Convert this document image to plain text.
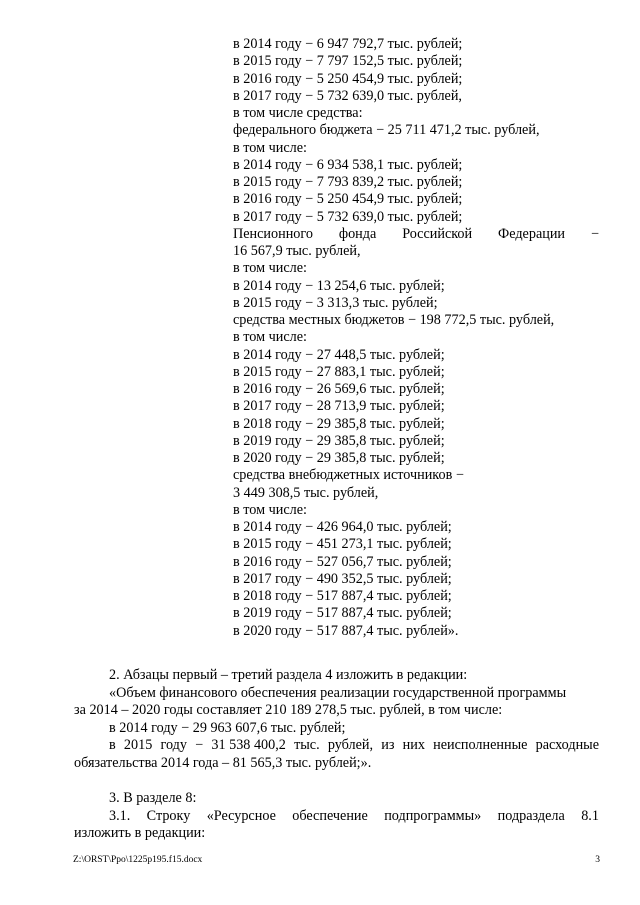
в 2014 году − 6 947 792,7 тыс. рублей;
в 2015 году − 7 797 152,5 тыс. рублей;
в 2016 году − 5 250 454,9 тыс. рублей;
в 2017 году − 5 732 639,0 тыс. рублей,
в том числе средства:
федерального бюджета − 25 711 471,2 тыс. рублей,
в том числе:
в 2014 году − 6 934 538,1 тыс. рублей;
в 2015 году − 7 793 839,2 тыс. рублей;
в 2016 году − 5 250 454,9 тыс. рублей;
в 2017 году − 5 732 639,0 тыс. рублей;
Пенсионного фонда Российской Федерации −
16 567,9 тыс. рублей,
в том числе:
в 2014 году − 13 254,6 тыс. рублей;
в 2015 году − 3 313,3 тыс. рублей;
средства местных бюджетов − 198 772,5 тыс. рублей,
в том числе:
в 2014 году − 27 448,5 тыс. рублей;
в 2015 году − 27 883,1 тыс. рублей;
в 2016 году − 26 569,6 тыс. рублей;
в 2017 году − 28 713,9 тыс. рублей;
в 2018 году − 29 385,8 тыс. рублей;
в 2019 году − 29 385,8 тыс. рублей;
в 2020 году − 29 385,8 тыс. рублей;
средства внебюджетных источников −
3 449 308,5 тыс. рублей,
в том числе:
в 2014 году − 426 964,0 тыс. рублей;
в 2015 году − 451 273,1 тыс. рублей;
в 2016 году − 527 056,7 тыс. рублей;
в 2017 году − 490 352,5 тыс. рублей;
в 2018 году − 517 887,4 тыс. рублей;
в 2019 году − 517 887,4 тыс. рублей;
в 2020 году − 517 887,4 тыс. рублей».
2. Абзацы первый – третий раздела 4 изложить в редакции:
«Объем финансового обеспечения реализации государственной программы
за 2014 – 2020 годы составляет 210 189 278,5 тыс. рублей, в том числе:
в 2014 году − 29 963 607,6 тыс. рублей;
в 2015 году − 31 538 400,2 тыс. рублей, из них неисполненные расходные
обязательства 2014 года – 81 565,3 тыс. рублей;».
3. В разделе 8:
3.1. Строку «Ресурсное обеспечение подпрограммы» подраздела 8.1
изложить в редакции:
Z:\ORST\Ppo\1225p195.f15.docx	3
